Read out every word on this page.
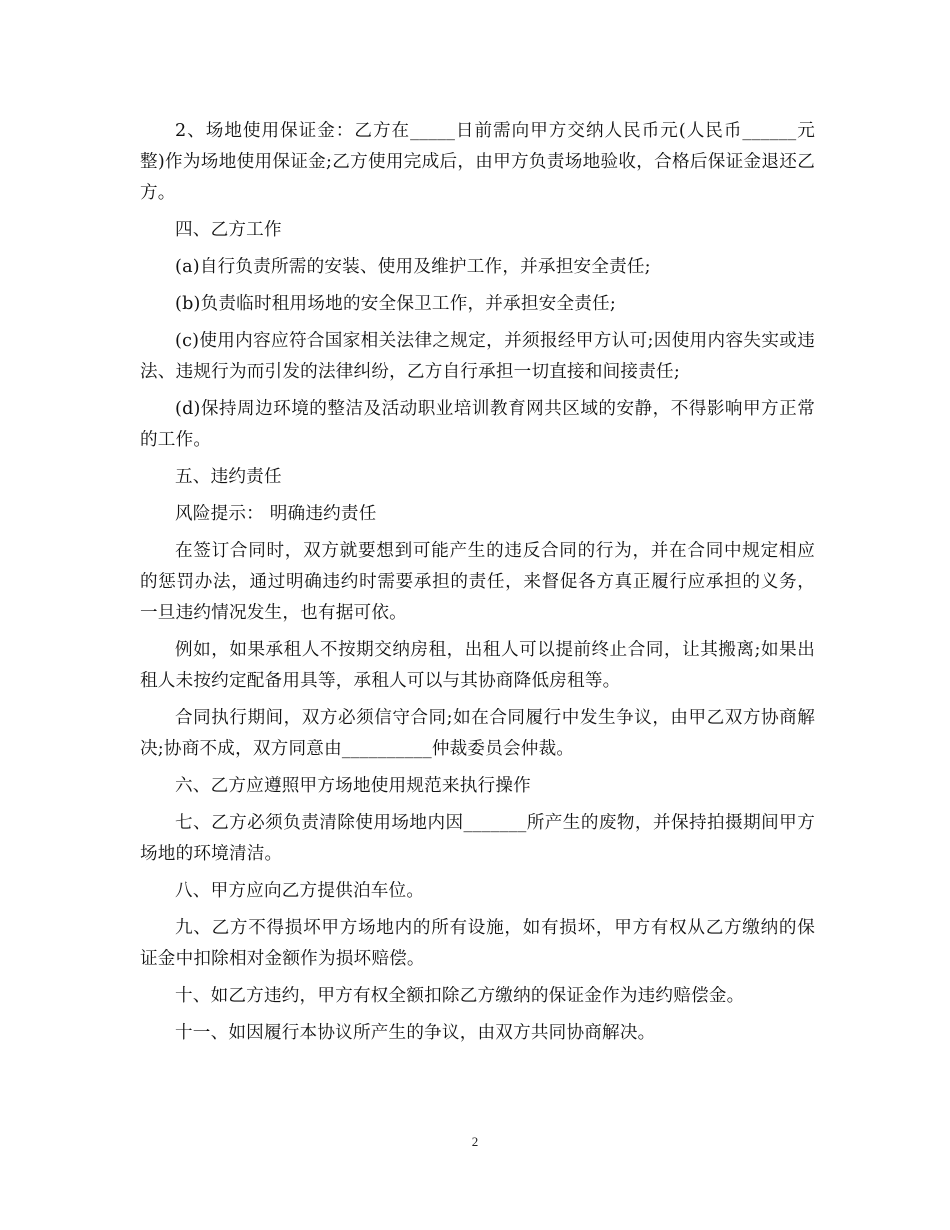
2、场地使用保证金：乙方在_____日前需向甲方交纳人民币元(人民币______元整)作为场地使用保证金;乙方使用完成后，由甲方负责场地验收，合格后保证金退还乙方。

四、乙方工作

(a)自行负责所需的安装、使用及维护工作，并承担安全责任;

(b)负责临时租用场地的安全保卫工作，并承担安全责任;

(c)使用内容应符合国家相关法律之规定，并须报经甲方认可;因使用内容失实或违法、违规行为而引发的法律纠纷，乙方自行承担一切直接和间接责任;

(d)保持周边环境的整洁及活动职业培训教育网共区域的安静，不得影响甲方正常的工作。

五、违约责任

风险提示： 明确违约责任

在签订合同时，双方就要想到可能产生的违反合同的行为，并在合同中规定相应的惩罚办法，通过明确违约时需要承担的责任，来督促各方真正履行应承担的义务，一旦违约情况发生，也有据可依。

例如，如果承租人不按期交纳房租，出租人可以提前终止合同，让其搬离;如果出租人未按约定配备用具等，承租人可以与其协商降低房租等。

合同执行期间，双方必须信守合同;如在合同履行中发生争议，由甲乙双方协商解决;协商不成，双方同意由__________仲裁委员会仲裁。

六、乙方应遵照甲方场地使用规范来执行操作

七、乙方必须负责清除使用场地内因_______所产生的废物，并保持拍摄期间甲方场地的环境清洁。

八、甲方应向乙方提供泊车位。

九、乙方不得损坏甲方场地内的所有设施，如有损坏，甲方有权从乙方缴纳的保证金中扣除相对金额作为损坏赔偿。

十、如乙方违约，甲方有权全额扣除乙方缴纳的保证金作为违约赔偿金。

十一、如因履行本协议所产生的争议，由双方共同协商解决。

2
